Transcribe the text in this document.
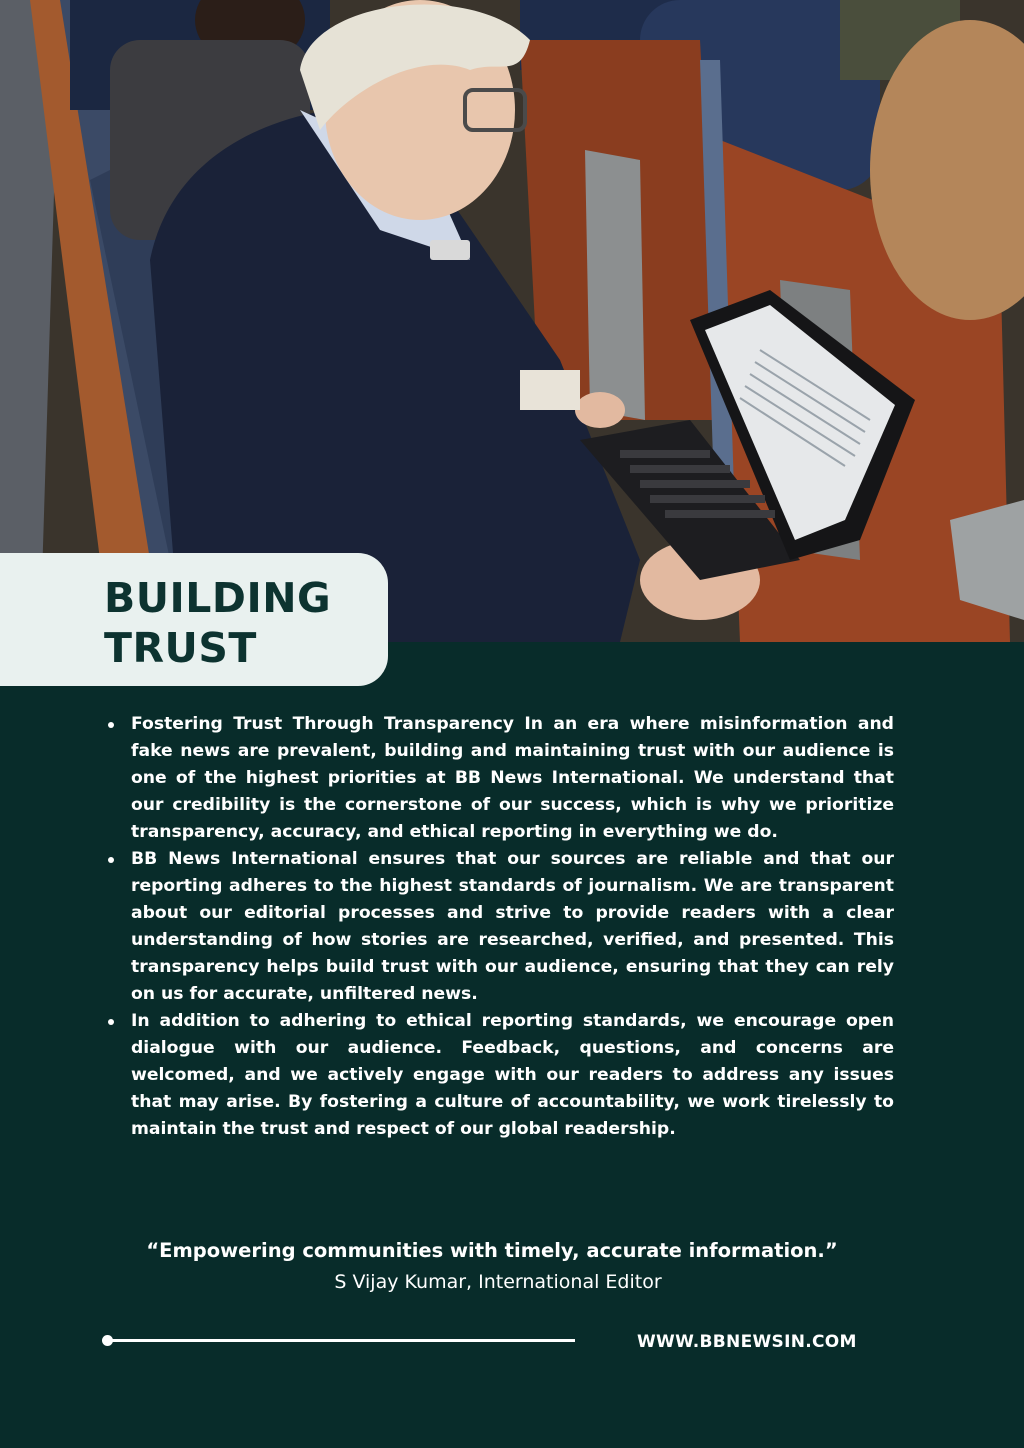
BUILDING
TRUST
Fostering Trust Through Transparency In an era where misinformation and fake news are prevalent, building and maintaining trust with our audience is one of the highest priorities at BB News International. We understand that our credibility is the cornerstone of our success, which is why we prioritize transparency, accuracy, and ethical reporting in everything we do.
BB News International ensures that our sources are reliable and that our reporting adheres to the highest standards of journalism. We are transparent about our editorial processes and strive to provide readers with a clear understanding of how stories are researched, verified, and presented. This transparency helps build trust with our audience, ensuring that they can rely on us for accurate, unfiltered news.
In addition to adhering to ethical reporting standards, we encourage open dialogue with our audience. Feedback, questions, and concerns are welcomed, and we actively engage with our readers to address any issues that may arise. By fostering a culture of accountability, we work tirelessly to maintain the trust and respect of our global readership.
“Empowering communities with timely, accurate information.”
S Vijay Kumar, International Editor
WWW.BBNEWSIN.COM
